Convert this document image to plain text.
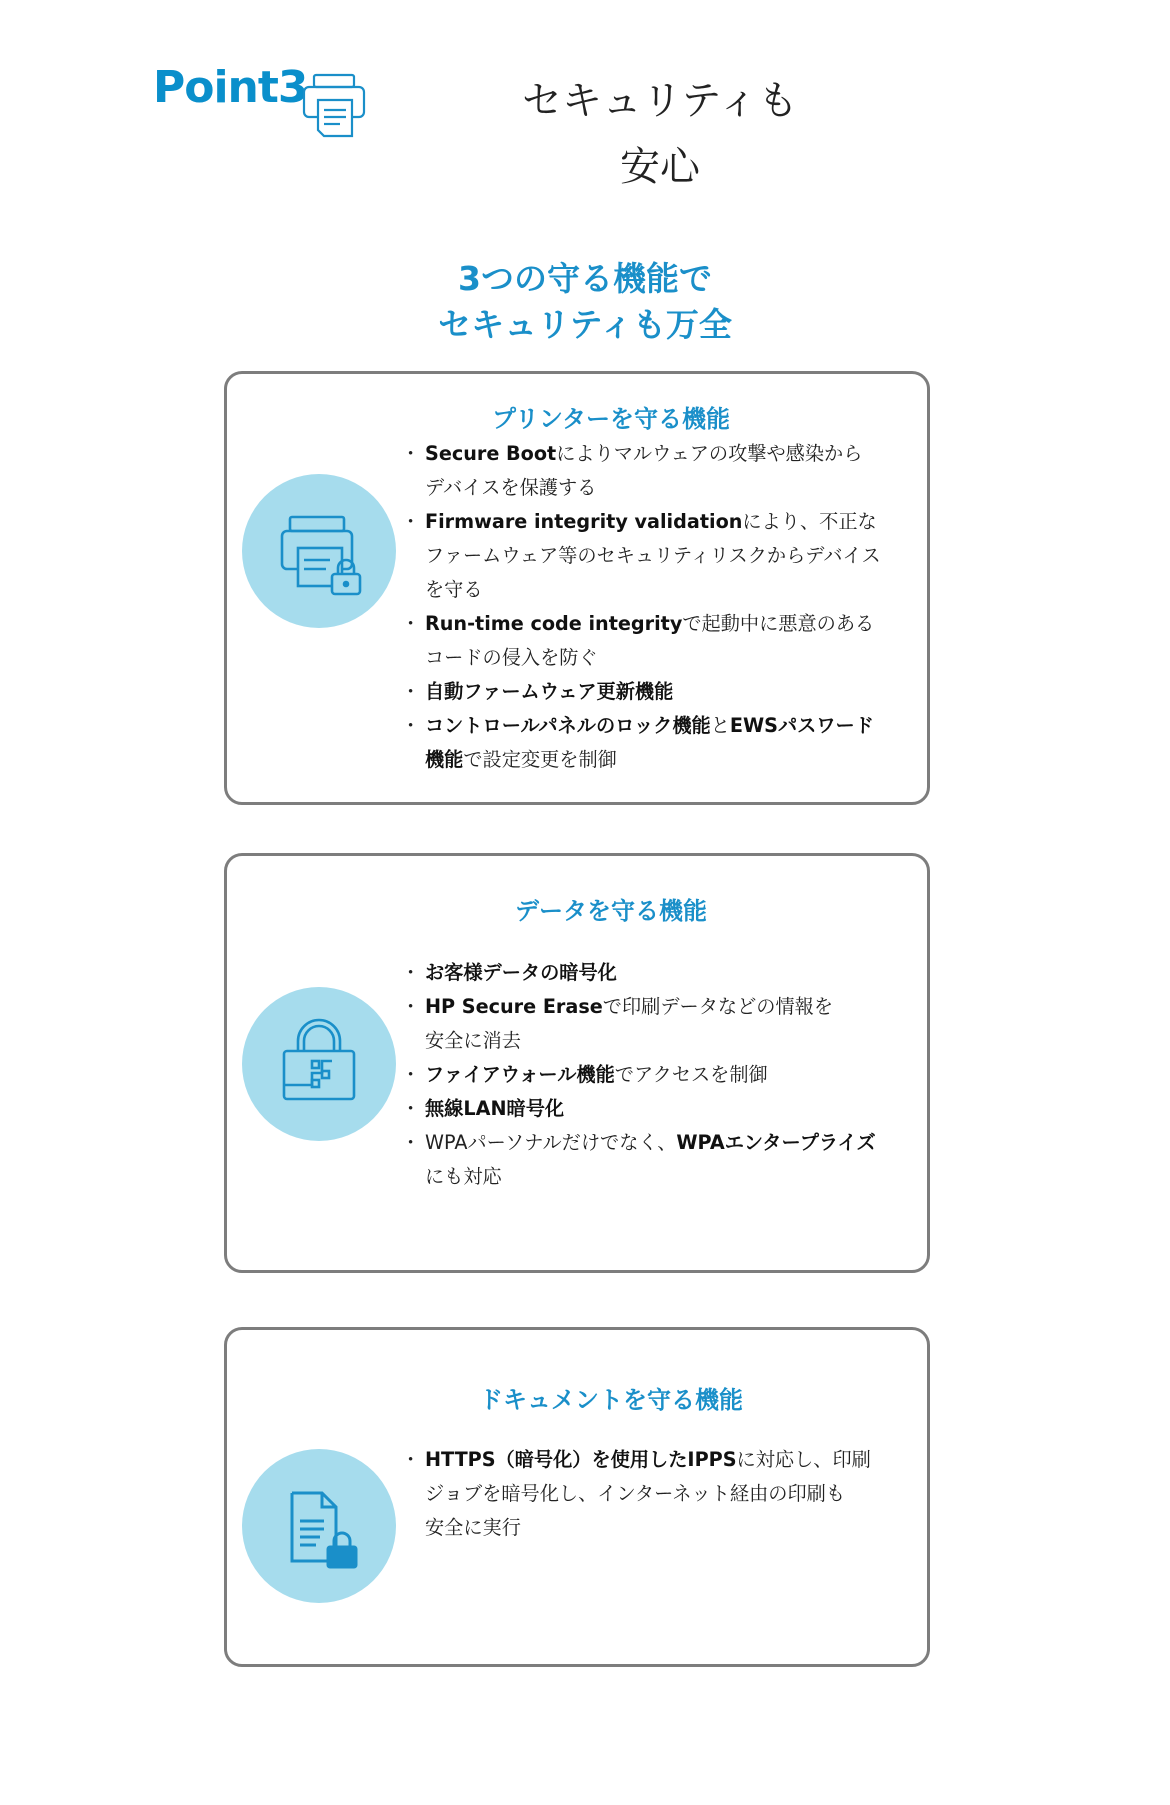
Point3	セキュリティも
安心
3つの守る機能で
セキュリティも万全
プリンターを守る機能
・ Secure Bootによりマルウェアの攻撃や感染から
デバイスを保護する
・ Firmware integrity validationにより、不正な
ファームウェア等のセキュリティリスクからデバイス
を守る
・ Run-time code integrityで起動中に悪意のある
コードの侵入を防ぐ
・ 自動ファームウェア更新機能
・ コントロールパネルのロック機能とEWSパスワード
機能で設定変更を制御
データを守る機能
・ お客様データの暗号化
・ HP Secure Eraseで印刷データなどの情報を
安全に消去
・ ファイアウォール機能でアクセスを制御
・ 無線LAN暗号化
・ WPAパーソナルだけでなく、WPAエンタープライズ
にも対応
ドキュメントを守る機能
・ HTTPS（暗号化）を使用したIPPSに対応し、印刷
ジョブを暗号化し、インターネット経由の印刷も
安全に実行
